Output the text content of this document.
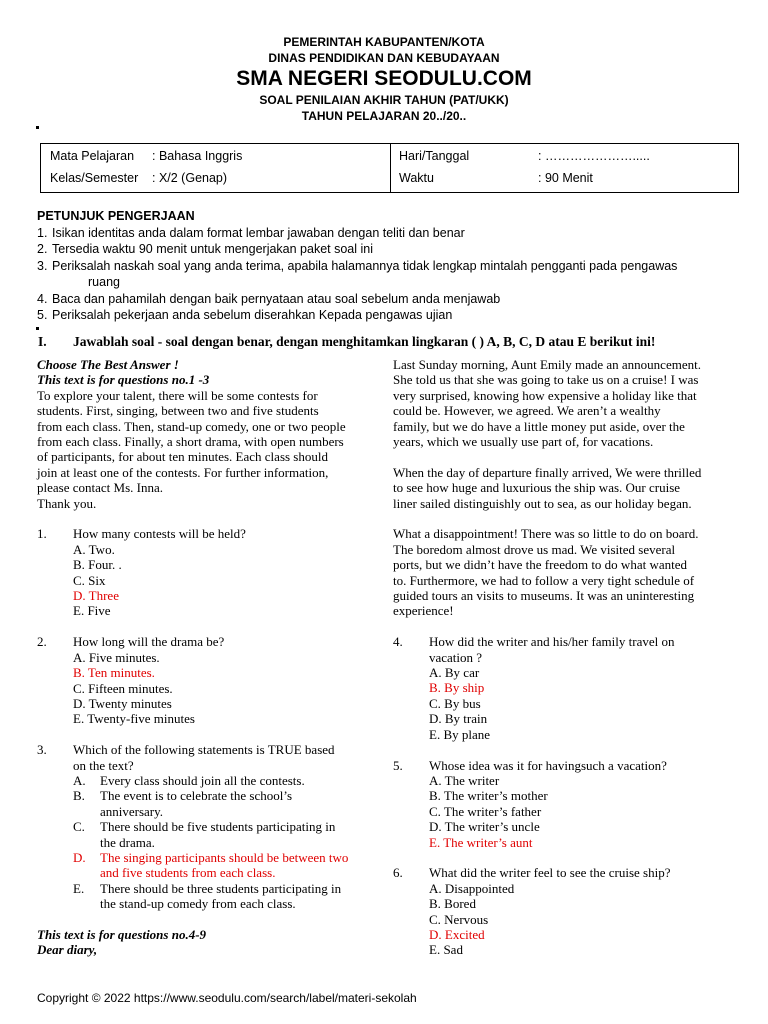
PEMERINTAH KABUPANTEN/KOTA
DINAS PENDIDIKAN DAN KEBUDAYAAN
SMA NEGERI SEODULU.COM
SOAL PENILAIAN AKHIR TAHUN (PAT/UKK)
TAHUN PELAJARAN 20../20..
Mata Pelajaran : Bahasa Inggris
Kelas/Semester : X/2 (Genap)
Hari/Tanggal	: ………………….....
Waktu	: 90 Menit
PETUNJUK PENGERJAAN
1. Isikan identitas anda dalam format lembar jawaban dengan teliti dan benar
2. Tersedia waktu 90 menit untuk mengerjakan paket soal ini
3. Periksalah naskah soal yang anda terima, apabila halamannya tidak lengkap mintalah pengganti pada pengawas
ruang
4. Baca dan pahamilah dengan baik pernyataan atau soal sebelum anda menjawab
5. Periksalah pekerjaan anda sebelum diserahkan Kepada pengawas ujian
I. Jawablah soal - soal dengan benar, dengan menghitamkan lingkaran ( ) A, B, C, D atau E berikut ini!
Choose The Best Answer !
This text is for questions no.1 -3
To explore your talent, there will be some contests for
students. First, singing, between two and five students
from each class. Then, stand-up comedy, one or two people
from each class. Finally, a short drama, with open numbers
of participants, for about ten minutes. Each class should
join at least one of the contests. For further information,
please contact Ms. Inna.
Thank you.
1.	How many contests will be held?
A. Two.
B. Four. .
C. Six
D. Three
E. Five
2.	How long will the drama be?
A. Five minutes.
B. Ten minutes.
C. Fifteen minutes.
D. Twenty minutes
E. Twenty-five minutes
3.	Which of the following statements is TRUE based
on the text?
A.	Every class should join all the contests.
B.	The event is to celebrate the school’s
anniversary.
C.	There should be five students participating in
the drama.
D.	The singing participants should be between two
and five students from each class.
E.	There should be three students participating in
the stand-up comedy from each class.
This text is for questions no.4-9
Dear diary,
Last Sunday morning, Aunt Emily made an announcement.
She told us that she was going to take us on a cruise! I was
very surprised, knowing how expensive a holiday like that
could be. However, we agreed. We aren’t a wealthy
family, but we do have a little money put aside, over the
years, which we usually use part of, for vacations.
When the day of departure finally arrived, We were thrilled
to see how huge and luxurious the ship was. Our cruise
liner sailed distinguishly out to sea, as our holiday began.
What a disappointment! There was so little to do on board.
The boredom almost drove us mad. We visited several
ports, but we didn’t have the freedom to do what wanted
to. Furthermore, we had to follow a very tight schedule of
guided tours an visits to museums. It was an uninteresting
experience!
4.	How did the writer and his/her family travel on
vacation ?
A. By car
B. By ship
C. By bus
D. By train
E. By plane
5.	Whose idea was it for havingsuch a vacation?
A. The writer
B. The writer’s mother
C. The writer’s father
D. The writer’s uncle
E. The writer’s aunt
6.	What did the writer feel to see the cruise ship?
A. Disappointed
B. Bored
C. Nervous
D. Excited
E. Sad
Copyright © 2022 https://www.seodulu.com/search/label/materi-sekolah
